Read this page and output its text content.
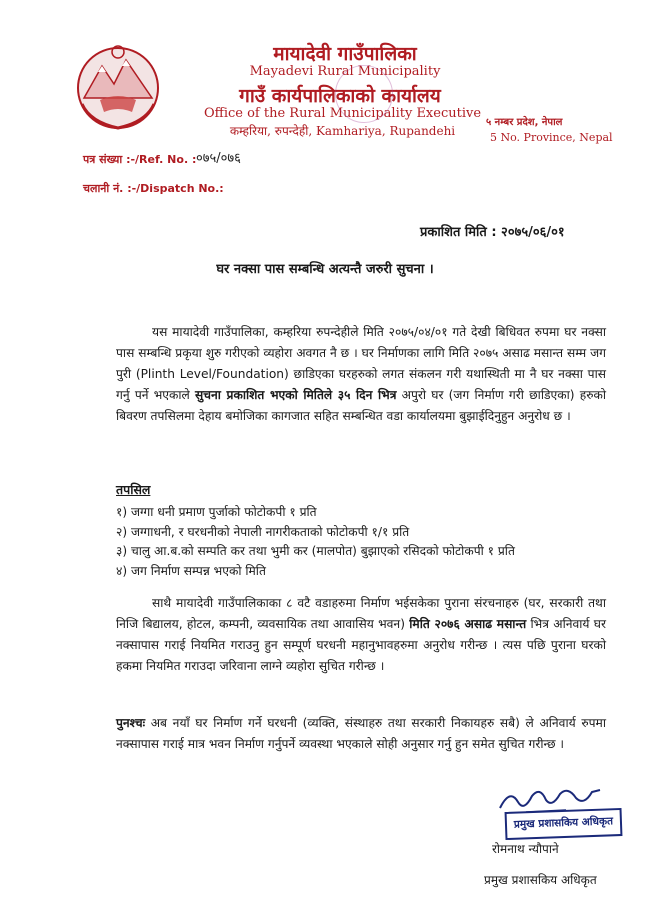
मायादेवी गाउँपालिका
Mayadevi Rural Municipality
गाउँ कार्यपालिकाको कार्यालय
Office of the Rural Municipality Executive
कम्हरिया, रुपन्देही, Kamhariya, Rupandehi
५ नम्बर प्रदेश, नेपाल
5 No. Province, Nepal
पत्र संख्या :-/Ref. No. : ०७५/०७६
चलानी नं. :-/Dispatch No.:
प्रकाशित मिति : २०७५/०६/०१
घर नक्सा पास सम्बन्धि अत्यन्तै जरुरी सुचना ।
यस मायादेवी गाउँपालिका, कम्हरिया रुपन्देहीले मिति २०७५/०४/०१ गते देखी बिधिवत रुपमा घर नक्सा पास सम्बन्धि प्रकृया शुरु गरीएको व्यहोरा अवगत नै छ । घर निर्माणका लागि मिति २०७५ असाढ मसान्त सम्म जग पुरी (Plinth Level/Foundation) छाडिएका घरहरुको लगत संकलन गरी यथास्थिती मा नै घर नक्सा पास गर्नु पर्ने भएकाले सुचना प्रकाशित भएको मितिले ३५ दिन भित्र अपुरो घर (जग निर्माण गरी छाडिएका) हरुको बिवरण तपसिलमा देहाय बमोजिका कागजात सहित सम्बन्धित वडा कार्यालयमा बुझाईदिनुहुन अनुरोध छ ।
तपसिल
१) जग्गा धनी प्रमाण पुर्जाको फोटोकपी १ प्रति
२) जग्गाधनी, र घरधनीको नेपाली नागरीकताको फोटोकपी १/१ प्रति
३) चालु आ.ब.को सम्पति कर तथा भुमी कर (मालपोत) बुझाएको रसिदको फोटोकपी १ प्रति
४) जग निर्माण सम्पन्न भएको मिति
साथै मायादेवी गाउँपालिकाका ८ वटै वडाहरुमा निर्माण भईसकेका पुराना संरचनाहरु (घर, सरकारी तथा निजि बिद्यालय, होटल, कम्पनी, व्यवसायिक तथा आवासिय भवन) मिति २०७६ असाढ मसान्त भित्र अनिवार्य घर नक्सापास गराई नियमित गराउनु हुन सम्पूर्ण घरधनी महानुभावहरुमा अनुरोध गरीन्छ । त्यस पछि पुराना घरको हकमा नियमित गराउदा जरिवाना लाग्ने व्यहोरा सुचित गरीन्छ ।
पुनश्चः अब नयाँ घर निर्माण गर्ने घरधनी (व्यक्ति, संस्थाहरु तथा सरकारी निकायहरु सबै) ले अनिवार्य रुपमा नक्सापास गराई मात्र भवन निर्माण गर्नुपर्ने व्यवस्था भएकाले सोही अनुसार गर्नु हुन समेत सुचित गरीन्छ ।
प्रमुख प्रशासकिय अधिकृत
रोमनाथ न्यौपाने
प्रमुख प्रशासकिय अधिकृत
